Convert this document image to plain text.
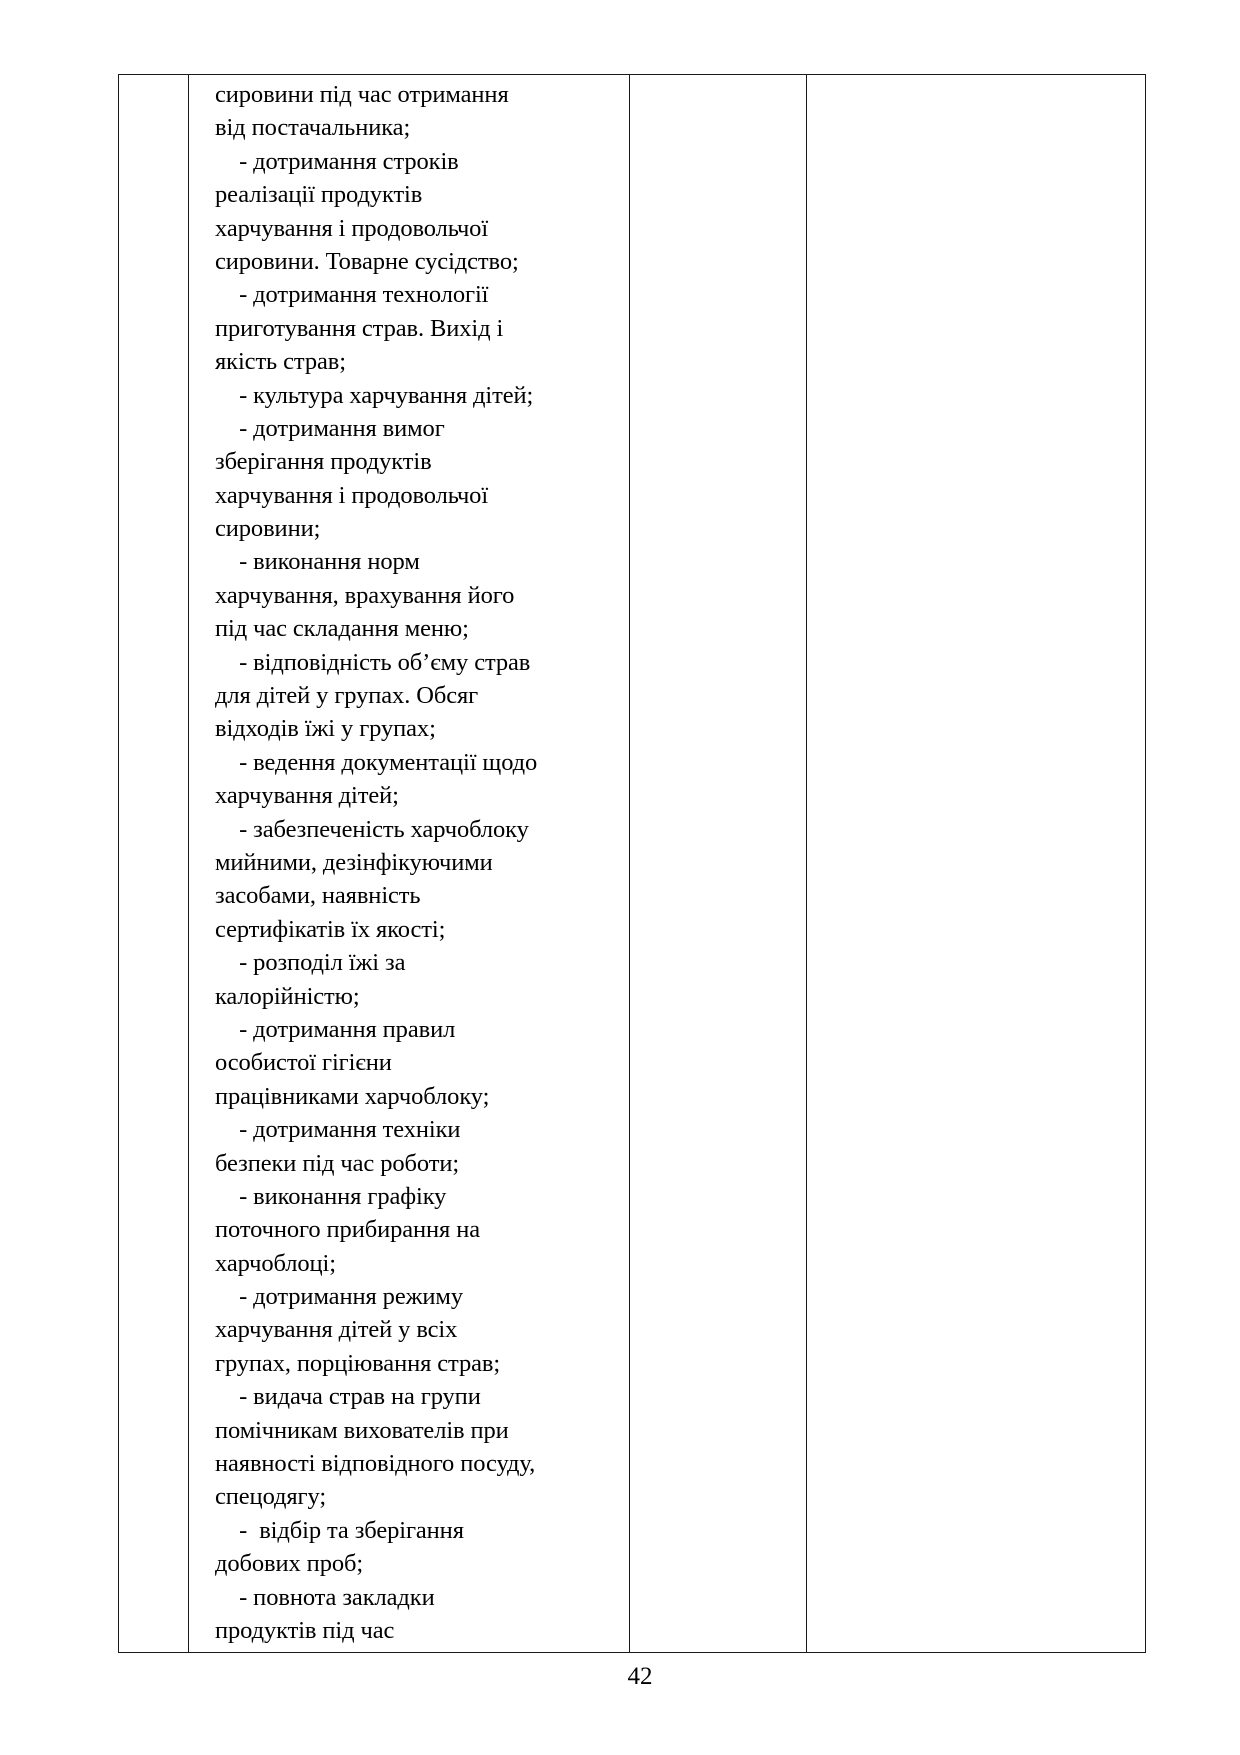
сировини під час отримання
від постачальника;
- дотримання строків
реалізації продуктів
харчування і продовольчої
сировини. Товарне сусідство;
- дотримання технології
приготування страв. Вихід і
якість страв;
- культура харчування дітей;
- дотримання вимог
зберігання продуктів
харчування і продовольчої
сировини;
- виконання норм
харчування, врахування його
під час складання меню;
- відповідність об’єму страв
для дітей у групах. Обсяг
відходів їжі у групах;
- ведення документації щодо
харчування дітей;
- забезпеченість харчоблоку
мийними, дезінфікуючими
засобами, наявність
сертифікатів їх якості;
- розподіл їжі за
калорійністю;
- дотримання правил
особистої гігієни
працівниками харчоблоку;
- дотримання техніки
безпеки під час роботи;
- виконання графіку
поточного прибирання на
харчоблоці;
- дотримання режиму
харчування дітей у всіх
групах, порціювання страв;
- видача страв на групи
помічникам вихователів при
наявності відповідного посуду,
спецодягу;
-  відбір та зберігання
добових проб;
- повнота закладки
продуктів під час

42
